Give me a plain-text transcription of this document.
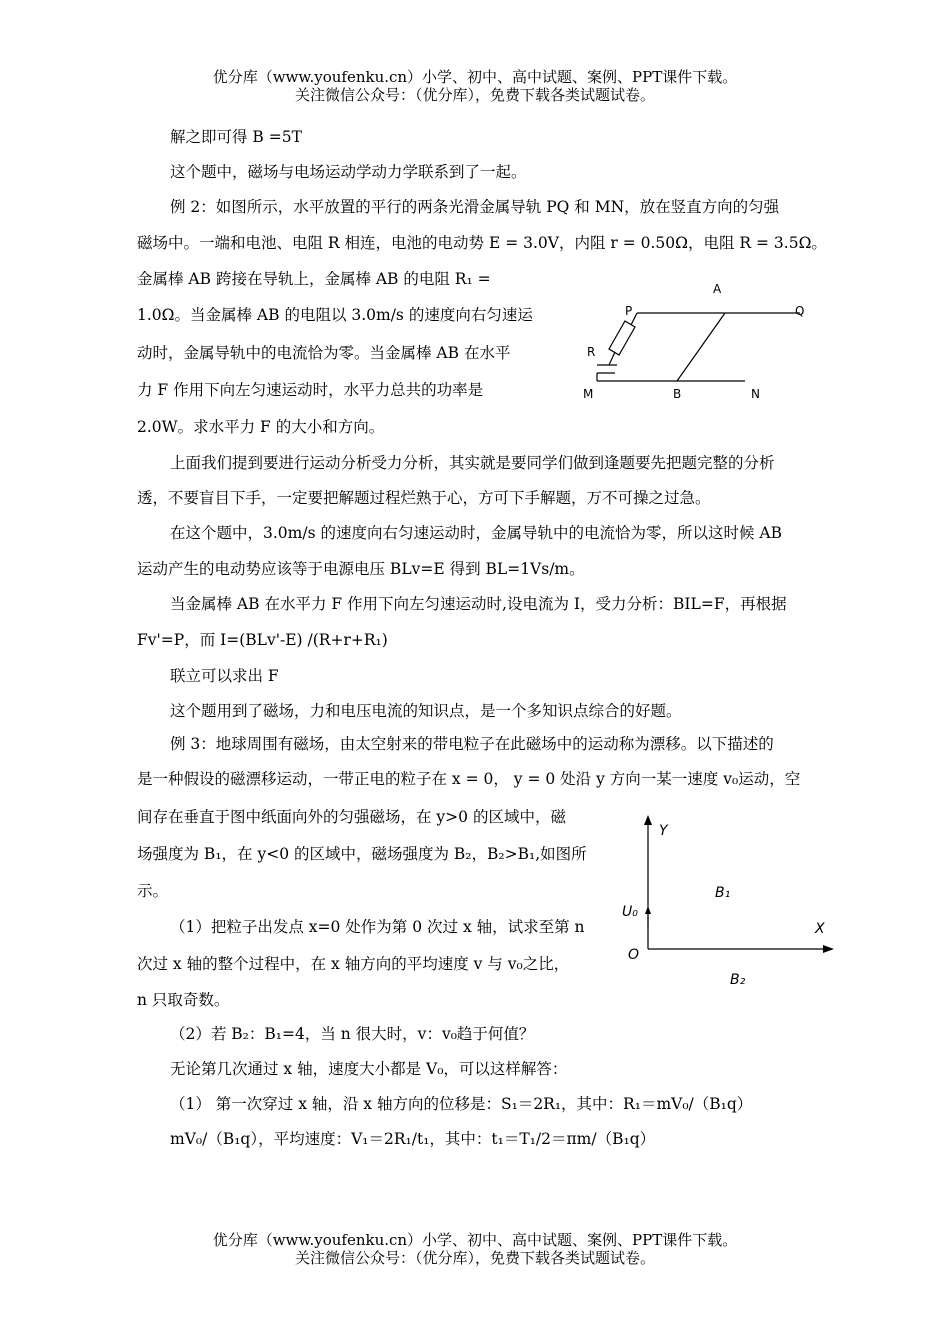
优分库（www.youfenku.cn）小学、初中、高中试题、案例、PPT课件下载。
关注微信公众号：（优分库），免费下载各类试题试卷。
解之即可得 B =5T
这个题中，磁场与电场运动学动力学联系到了一起。
例 2：如图所示，水平放置的平行的两条光滑金属导轨 PQ 和 MN，放在竖直方向的匀强
磁场中。一端和电池、电阻 R 相连，电池的电动势 E = 3.0V，内阻 r = 0.50Ω，电阻 R = 3.5Ω。
金属棒 AB 跨接在导轨上，金属棒 AB 的电阻 R₁ =
1.0Ω。当金属棒 AB 的电阻以 3.0m/s 的速度向右匀速运
动时，金属导轨中的电流恰为零。当金属棒 AB 在水平
力 F 作用下向左匀速运动时，水平力总共的功率是
2.0W。求水平力 F 的大小和方向。
上面我们提到要进行运动分析受力分析，其实就是要同学们做到逢题要先把题完整的分析
透，不要盲目下手，一定要把解题过程烂熟于心，方可下手解题，万不可操之过急。
在这个题中，3.0m/s 的速度向右匀速运动时，金属导轨中的电流恰为零，所以这时候 AB
运动产生的电动势应该等于电源电压 BLv=E 得到 BL=1Vs/m。
当金属棒 AB 在水平力 F 作用下向左匀速运动时,设电流为 I，受力分析：BIL=F，再根据
Fv'=P，而 I=(BLv'-E) /(R+r+R₁)
联立可以求出 F
这个题用到了磁场，力和电压电流的知识点，是一个多知识点综合的好题。
例 3：地球周围有磁场，由太空射来的带电粒子在此磁场中的运动称为漂移。以下描述的
是一种假设的磁漂移运动，一带正电的粒子在 x = 0， y = 0 处沿 y 方向一某一速度 v₀运动，空
间存在垂直于图中纸面向外的匀强磁场，在 y>0 的区域中，磁
场强度为 B₁，在 y<0 的区域中，磁场强度为 B₂，B₂>B₁,如图所
示。
（1）把粒子出发点 x=0 处作为第 0 次过 x 轴，试求至第 n
次过 x 轴的整个过程中，在 x 轴方向的平均速度 v 与 v₀之比，
n 只取奇数。
（2）若 B₂：B₁=4，当 n 很大时，v：v₀趋于何值？
无论第几次通过 x 轴，速度大小都是 V₀，可以这样解答：
（1） 第一次穿过 x 轴，沿 x 轴方向的位移是：S₁＝2R₁，其中：R₁＝mV₀/（B₁q）
mV₀/（B₁q），平均速度：V₁＝2R₁/t₁，其中：t₁＝T₁/2＝πm/（B₁q）
A
Q
P
R
M	B	N
Y
B₁
U₀
X
O
B₂
优分库（www.youfenku.cn）小学、初中、高中试题、案例、PPT课件下载。
关注微信公众号：（优分库），免费下载各类试题试卷。
